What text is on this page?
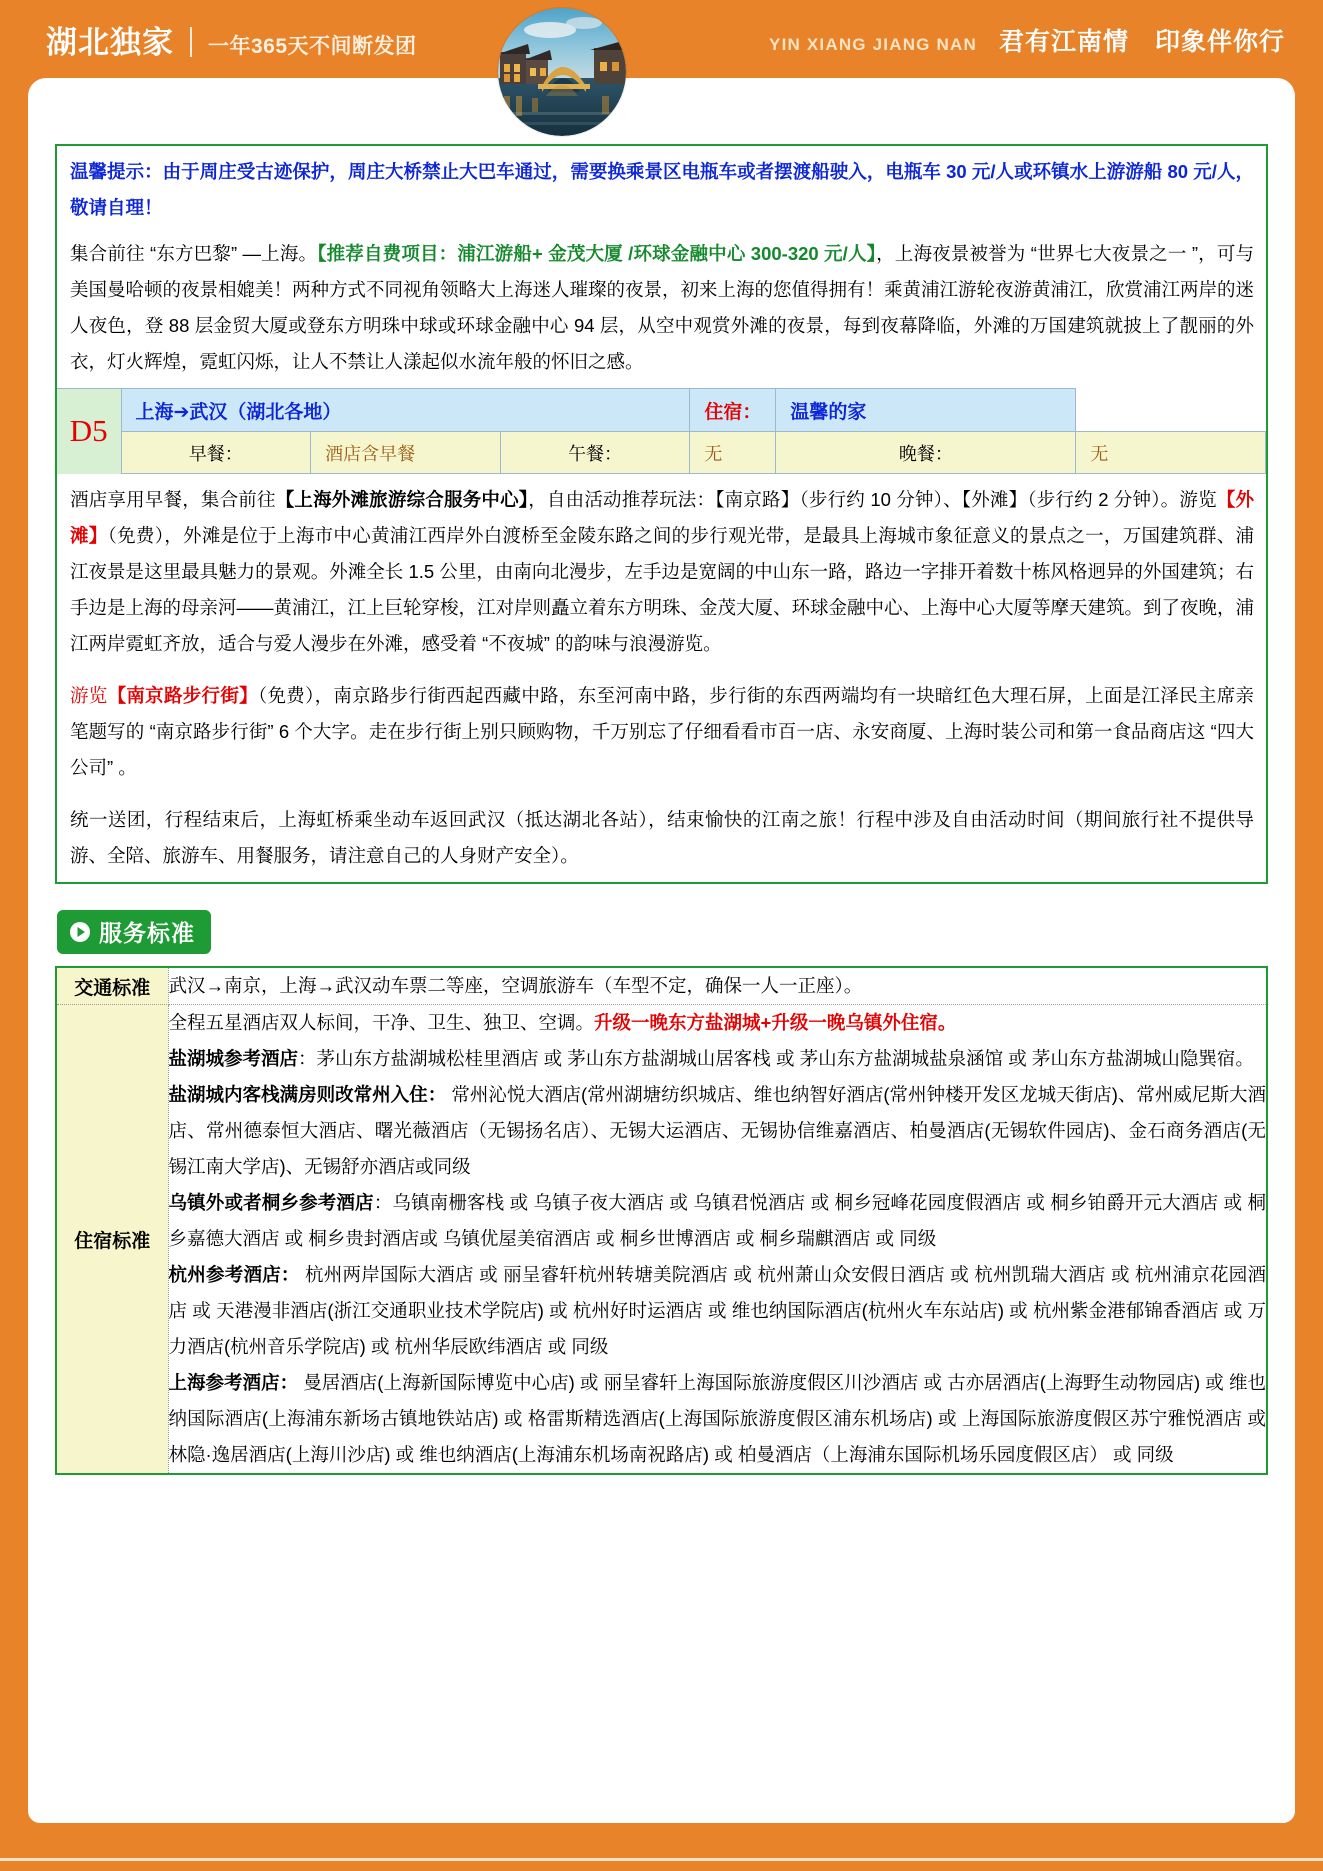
湖北独家 一年365天不间断发团	YIN XIANG JIANG NAN 君有江南情 印象伴你行
温馨提示：由于周庄受古迹保护，周庄大桥禁止大巴车通过，需要换乘景区电瓶车或者摆渡船驶入，电瓶车 30 元/人或环镇水上游游船 80 元/人，敬请自理！
集合前往 “东方巴黎” —上海。【推荐自费项目：浦江游船+ 金茂大厦 /环球金融中心 300-320 元/人】，上海夜景被誉为 “世界七大夜景之一 ”，可与美国曼哈顿的夜景相媲美！两种方式不同视角领略大上海迷人璀璨的夜景，初来上海的您值得拥有！乘黄浦江游轮夜游黄浦江，欣赏浦江两岸的迷人夜色，登 88 层金贸大厦或登东方明珠中球或环球金融中心 94 层，从空中观赏外滩的夜景，每到夜幕降临，外滩的万国建筑就披上了靓丽的外衣，灯火辉煌，霓虹闪烁，让人不禁让人漾起似水流年般的怀旧之感。
D5	上海➔武汉（湖北各地）			住宿：	温馨的家	
	早餐：	酒店含早餐	午餐：	无	晚餐：	无
酒店享用早餐，集合前往【上海外滩旅游综合服务中心】，自由活动推荐玩法：【南京路】（步行约 10 分钟）、【外滩】（步行约 2 分钟）。游览【外滩】（免费），外滩是位于上海市中心黄浦江西岸外白渡桥至金陵东路之间的步行观光带，是最具上海城市象征意义的景点之一，万国建筑群、浦江夜景是这里最具魅力的景观。外滩全长 1.5 公里，由南向北漫步，左手边是宽阔的中山东一路，路边一字排开着数十栋风格迥异的外国建筑；右手边是上海的母亲河——黄浦江，江上巨轮穿梭，江对岸则矗立着东方明珠、金茂大厦、环球金融中心、上海中心大厦等摩天建筑。到了夜晚，浦江两岸霓虹齐放，适合与爱人漫步在外滩，感受着 “不夜城” 的韵味与浪漫游览。
游览【南京路步行街】（免费），南京路步行街西起西藏中路，东至河南中路，步行街的东西两端均有一块暗红色大理石屏，上面是江泽民主席亲笔题写的 “南京路步行街” 6 个大字。走在步行街上别只顾购物，千万别忘了仔细看看市百一店、永安商厦、上海时装公司和第一食品商店这 “四大公司” 。
统一送团，行程结束后，上海虹桥乘坐动车返回武汉（抵达湖北各站），结束愉快的江南之旅！行程中涉及自由活动时间（期间旅行社不提供导游、全陪、旅游车、用餐服务，请注意自己的人身财产安全）。
服务标准
交通标准	武汉→南京，上海→武汉动车票二等座，空调旅游车（车型不定，确保一人一正座）。
住宿标准	

全程五星酒店双人标间，干净、卫生、独卫、空调。升级一晚东方盐湖城+升级一晚乌镇外住宿。

盐湖城参考酒店：茅山东方盐湖城松桂里酒店 或 茅山东方盐湖城山居客栈 或 茅山东方盐湖城盐泉涵馆 或 茅山东方盐湖城山隐巽宿。

盐湖城内客栈满房则改常州入住： 常州沁悦大酒店(常州湖塘纺织城店、维也纳智好酒店(常州钟楼开发区龙城天街店)、常州威尼斯大酒店、常州德泰恒大酒店、曙光薇酒店（无锡扬名店）、无锡大运酒店、无锡协信维嘉酒店、柏曼酒店(无锡软件园店)、金石商务酒店(无锡江南大学店)、无锡舒亦酒店或同级

乌镇外或者桐乡参考酒店：乌镇南栅客栈 或 乌镇子夜大酒店 或 乌镇君悦酒店 或 桐乡冠峰花园度假酒店 或 桐乡铂爵开元大酒店 或 桐乡嘉德大酒店 或 桐乡贵封酒店或 乌镇优屋美宿酒店 或 桐乡世博酒店 或 桐乡瑞麒酒店 或 同级

杭州参考酒店： 杭州两岸国际大酒店 或 丽呈睿轩杭州转塘美院酒店 或 杭州萧山众安假日酒店 或 杭州凯瑞大酒店 或 杭州浦京花园酒店 或 天港漫非酒店(浙江交通职业技术学院店) 或 杭州好时运酒店 或 维也纳国际酒店(杭州火车东站店) 或 杭州紫金港郁锦香酒店 或 万力酒店(杭州音乐学院店) 或 杭州华辰欧纬酒店 或 同级

上海参考酒店： 曼居酒店(上海新国际博览中心店) 或 丽呈睿轩上海国际旅游度假区川沙酒店 或 古亦居酒店(上海野生动物园店) 或 维也纳国际酒店(上海浦东新场古镇地铁站店) 或 格雷斯精选酒店(上海国际旅游度假区浦东机场店) 或 上海国际旅游度假区苏宁雅悦酒店 或 林隐·逸居酒店(上海川沙店) 或 维也纳酒店(上海浦东机场南祝路店) 或 柏曼酒店（上海浦东国际机场乐园度假区店） 或 同级
